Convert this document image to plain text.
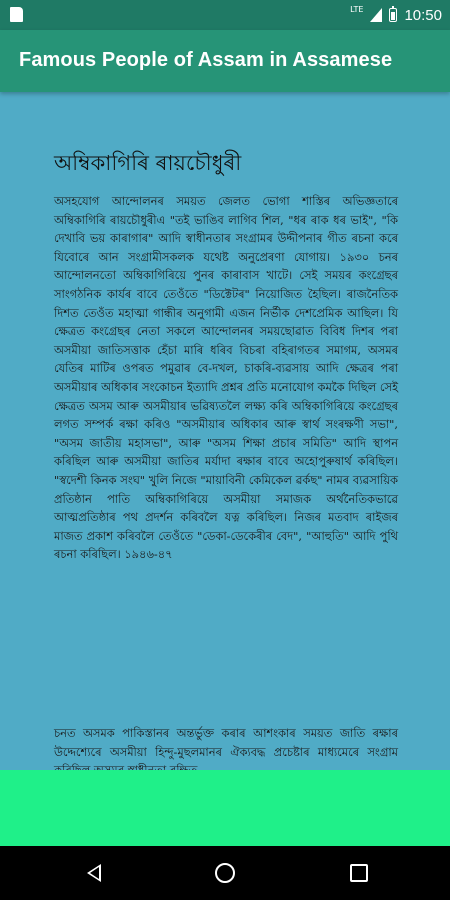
LTE	10:50
Famous People of Assam in Assamese
অম্বিকাগিৰি ৰায়চৌধুৰী
অসহযোগ আন্দোলনৰ সময়ত জেলত ভোগা শাস্তিৰ অভিজ্ঞতাৰে অম্বিকাগিৰি ৰায়চৌধুৰীএ "তই ভাঙিব লাগিব শিল, "ধৰ ৰাক ধৰ ভাই", "কি দেখাবি ভয় কাৰাগাৰ" আদি স্বাধীনতাৰ সংগ্ৰামৰ উদ্দীপনাৰ গীত ৰচনা কৰে যিবোৰে আন সংগ্ৰামীসকলক যথেষ্ট অনুপ্ৰেৰণা যোগায়। ১৯৩০ চনৰ আন্দোলনতো অম্বিকাগিৰিয়ে পুনৰ কাৰাবাস খাটে। সেই সময়ৰ কংগ্ৰেছৰ সাংগঠনিক কাৰ্যৰ বাবে তেওঁতে "ডিক্টেটৰ" নিয়োজিত হৈছিল। ৰাজনৈতিক দিশত তেওঁত মহাত্মা গান্ধীৰ অনুগামী এজন নিৰ্ভীক দেশপ্ৰেমিক আছিল। যি ক্ষেত্ৰত কংগ্ৰেছৰ নেতা সকলে আন্দোলনৰ সময়ছোৱাত বিবিধ দিশৰ পৰা অসমীয়া জাতিসত্তাক হেঁচা মাৰি ধৰিব বিচৰা বহিৰাগতৰ সমাগম, অসমৰ যেতিৰ মাটিৰ ওপৰত পমুৱাৰ বে-দখল, চাকৰি-ব্যৱসায় আদি ক্ষেত্ৰৰ পৰা অসমীয়াৰ অধিকাৰ সংকোচন ইত্যাদি প্ৰশ্নৰ প্ৰতি মনোযোগ কমকৈ দিছিল সেই ক্ষেত্ৰত অসম আৰু অসমীয়াৰ ভৱিষ্যতলৈ লক্ষ্য কৰি অম্বিকাগিৰিয়ে কংগ্ৰেছৰ লগত সম্পৰ্ক ৰক্ষা কৰিও "অসমীয়াৰ অধিকাৰ আৰু স্বাৰ্থ সংৰক্ষণী সভা", "অসম জাতীয় মহাসভা", আৰু "অসম শিক্ষা প্ৰচাৰ সমিতি" আদি স্থাপন কৰিছিল আৰু অসমীয়া জাতিৰ মৰ্যাদা ৰক্ষাৰ বাবে অহোপুৰুষাৰ্থ কৰিছিল। "স্বদেশী কিনক সংঘ" খুলি নিজে "মায়াবিনী কেমিকেল ৱৰ্কছ" নামৰ ব্যৱসায়িক প্ৰতিষ্ঠান পাতি অম্বিকাগিৰিয়ে অসমীয়া সমাজক অৰ্থনৈতিকভাৱে আত্মপ্ৰতিষ্ঠাৰ পথ প্ৰদৰ্শন কৰিবলৈ যত্ন কৰিছিল। নিজৰ মতবাদ ৰাইজৰ মাজত প্ৰকাশ কৰিবলৈ তেওঁতে "ডেকা-ডেকেৰীৰ বেদ", "আহুতি" আদি পুথি ৰচনা কৰিছিল। ১৯৪৬-৪৭
চনত অসমক পাকিস্তানৰ অন্তৰ্ভুক্ত কৰাৰ আশংকাৰ সময়ত জাতি ৰক্ষাৰ উদ্দেশ্যেৰে অসমীয়া হিন্দু-মুছলমানৰ ঐক্যবদ্ধ প্ৰচেষ্টাৰ মাধ্যমেৰে সংগ্ৰাম
